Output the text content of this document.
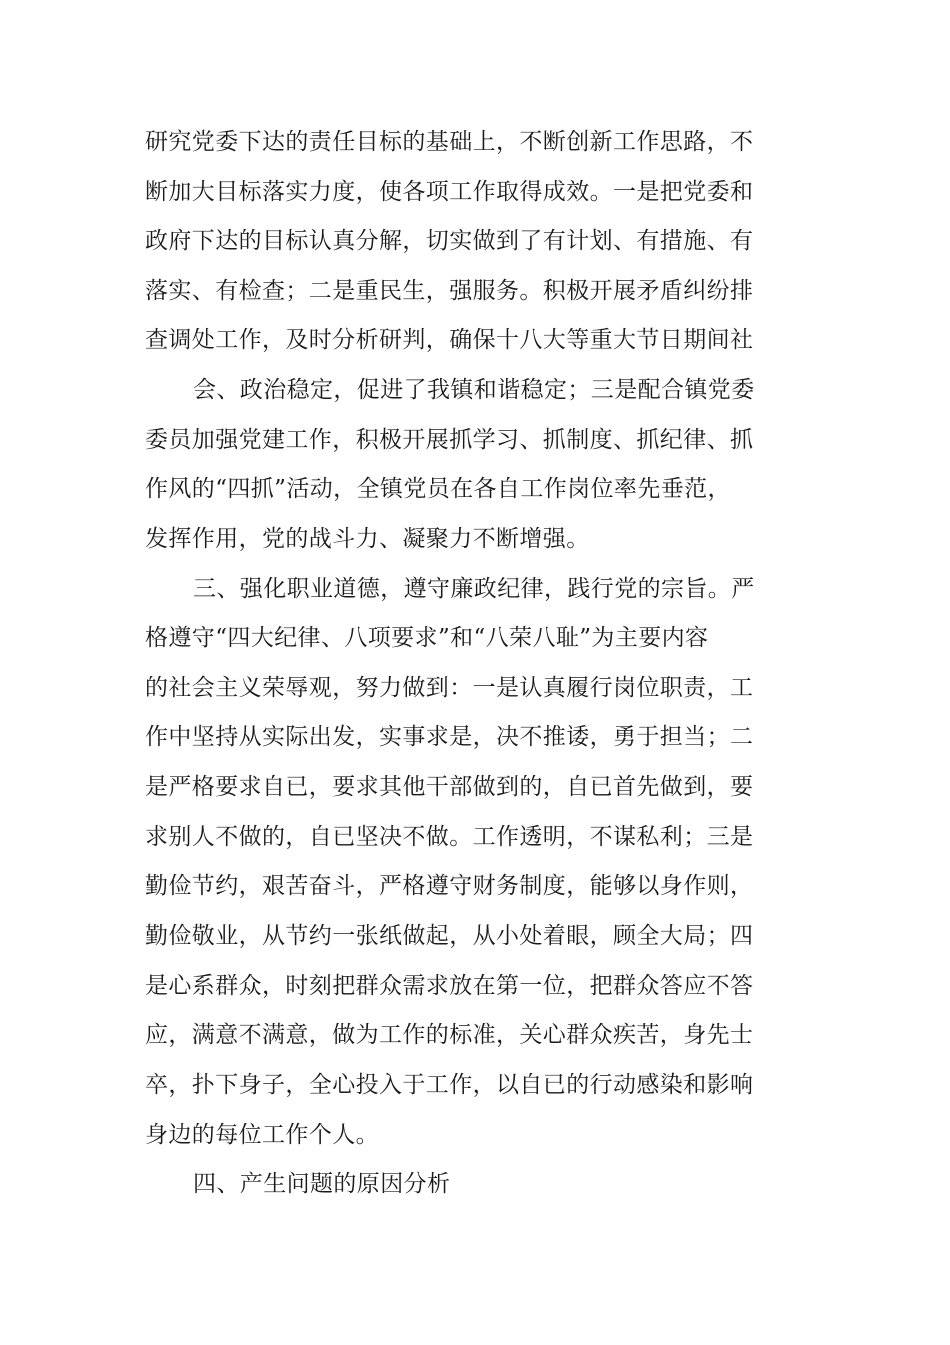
研究党委下达的责任目标的基础上，不断创新工作思路，不
断加大目标落实力度，使各项工作取得成效。一是把党委和
政府下达的目标认真分解，切实做到了有计划、有措施、有
落实、有检查；二是重民生，强服务。积极开展矛盾纠纷排
查调处工作，及时分析研判，确保十八大等重大节日期间社
会、政治稳定，促进了我镇和谐稳定；三是配合镇党委
委员加强党建工作，积极开展抓学习、抓制度、抓纪律、抓
作风的“四抓”活动，全镇党员在各自工作岗位率先垂范，
发挥作用，党的战斗力、凝聚力不断增强。
三、强化职业道德，遵守廉政纪律，践行党的宗旨。严
格遵守“四大纪律、八项要求”和“八荣八耻”为主要内容
的社会主义荣辱观，努力做到：一是认真履行岗位职责，工
作中坚持从实际出发，实事求是，决不推诿，勇于担当；二
是严格要求自已，要求其他干部做到的，自已首先做到，要
求别人不做的，自已坚决不做。工作透明，不谋私利；三是
勤俭节约，艰苦奋斗，严格遵守财务制度，能够以身作则，
勤俭敬业，从节约一张纸做起，从小处着眼，顾全大局；四
是心系群众，时刻把群众需求放在第一位，把群众答应不答
应，满意不满意，做为工作的标准，关心群众疾苦，身先士
卒，扑下身子，全心投入于工作，以自已的行动感染和影响
身边的每位工作个人。
四、产生问题的原因分析
